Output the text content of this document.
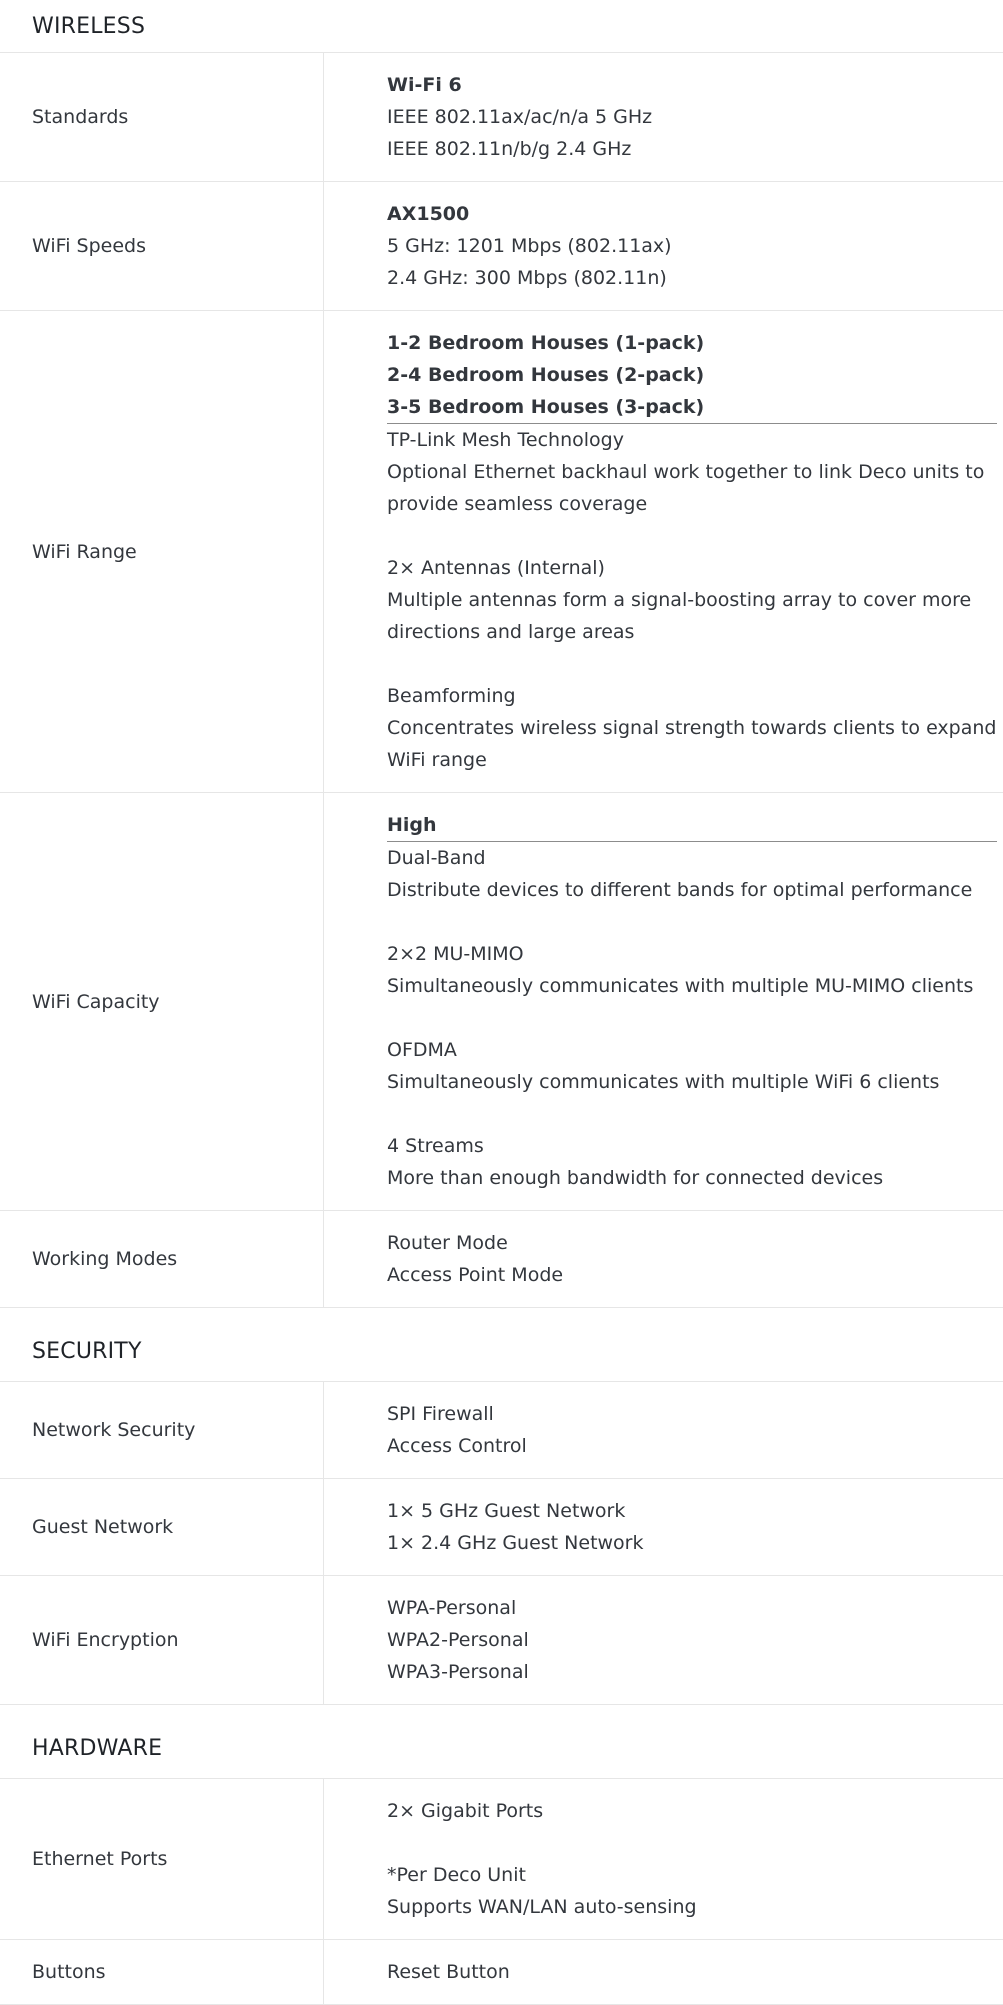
WIRELESS
Standards
Wi-Fi 6
IEEE 802.11ax/ac/n/a 5 GHz
IEEE 802.11n/b/g 2.4 GHz
WiFi Speeds
AX1500
5 GHz: 1201 Mbps (802.11ax)
2.4 GHz: 300 Mbps (802.11n)
WiFi Range
1-2 Bedroom Houses (1-pack)
2-4 Bedroom Houses (2-pack)
3-5 Bedroom Houses (3-pack)
TP-Link Mesh Technology
Optional Ethernet backhaul work together to link Deco units to
provide seamless coverage
2× Antennas (Internal)
Multiple antennas form a signal-boosting array to cover more
directions and large areas
Beamforming
Concentrates wireless signal strength towards clients to expand
WiFi range
WiFi Capacity
High
Dual-Band
Distribute devices to different bands for optimal performance
2×2 MU-MIMO
Simultaneously communicates with multiple MU-MIMO clients
OFDMA
Simultaneously communicates with multiple WiFi 6 clients
4 Streams
More than enough bandwidth for connected devices
Working Modes
Router Mode
Access Point Mode
SECURITY
Network Security
SPI Firewall
Access Control
Guest Network
1× 5 GHz Guest Network
1× 2.4 GHz Guest Network
WiFi Encryption
WPA-Personal
WPA2-Personal
WPA3-Personal
HARDWARE
Ethernet Ports
2× Gigabit Ports
*Per Deco Unit
Supports WAN/LAN auto-sensing
Buttons	Reset Button
